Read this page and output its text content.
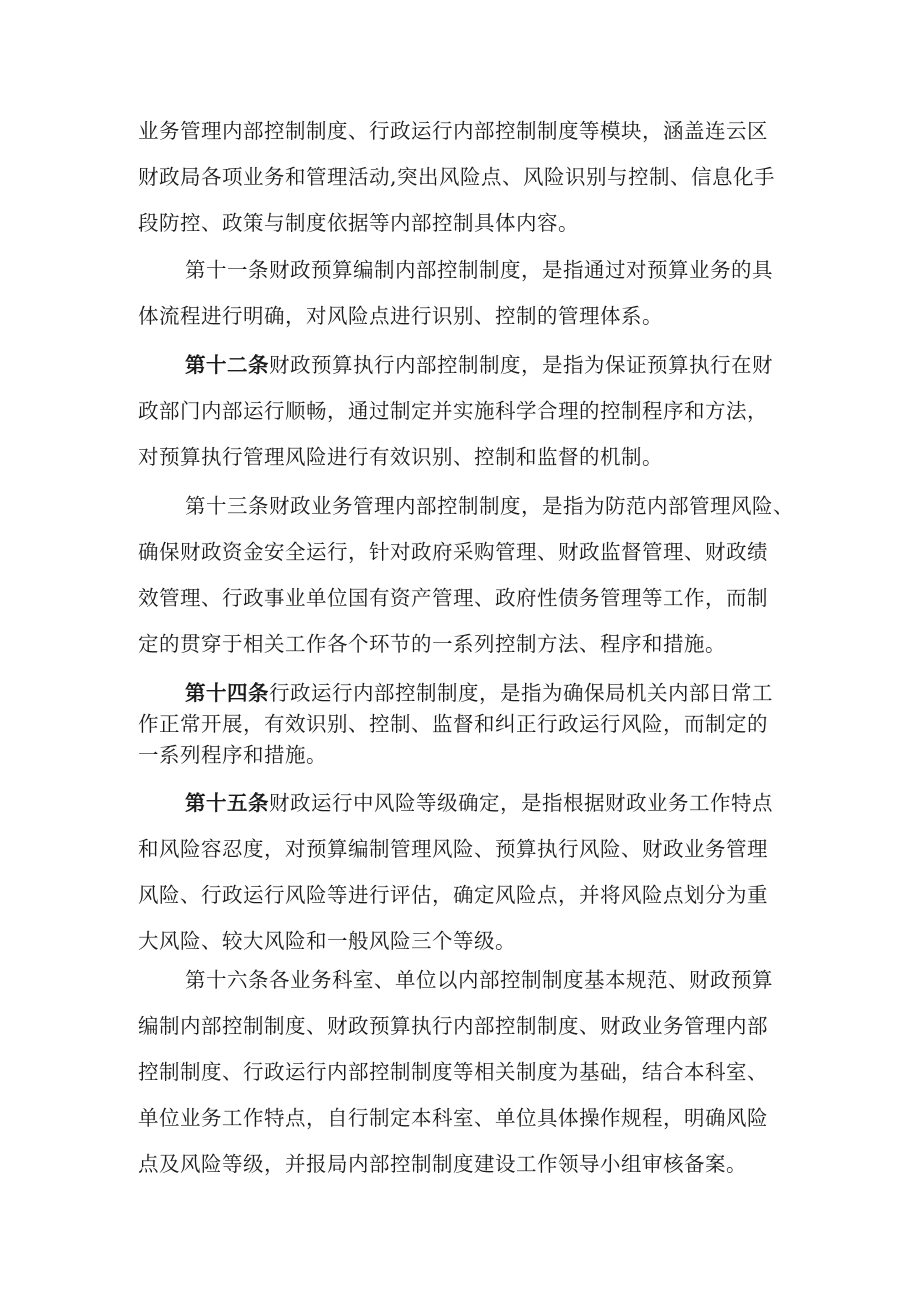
业务管理内部控制制度、行政运行内部控制制度等模块，涵盖连云区
财政局各项业务和管理活动,突出风险点、风险识别与控制、信息化手
段防控、政策与制度依据等内部控制具体内容。
第十一条财政预算编制内部控制制度，是指通过对预算业务的具
体流程进行明确，对风险点进行识别、控制的管理体系。
第十二条财政预算执行内部控制制度，是指为保证预算执行在财
政部门内部运行顺畅，通过制定并实施科学合理的控制程序和方法，
对预算执行管理风险进行有效识别、控制和监督的机制。
第十三条财政业务管理内部控制制度，是指为防范内部管理风险、
确保财政资金安全运行，针对政府采购管理、财政监督管理、财政绩
效管理、行政事业单位国有资产管理、政府性债务管理等工作，而制
定的贯穿于相关工作各个环节的一系列控制方法、程序和措施。
第十四条行政运行内部控制制度，是指为确保局机关内部日常工
作正常开展，有效识别、控制、监督和纠正行政运行风险，而制定的
一系列程序和措施。
第十五条财政运行中风险等级确定，是指根据财政业务工作特点
和风险容忍度，对预算编制管理风险、预算执行风险、财政业务管理
风险、行政运行风险等进行评估，确定风险点，并将风险点划分为重
大风险、较大风险和一般风险三个等级。
第十六条各业务科室、单位以内部控制制度基本规范、财政预算
编制内部控制制度、财政预算执行内部控制制度、财政业务管理内部
控制制度、行政运行内部控制制度等相关制度为基础，结合本科室、
单位业务工作特点，自行制定本科室、单位具体操作规程，明确风险
点及风险等级，并报局内部控制制度建设工作领导小组审核备案。
